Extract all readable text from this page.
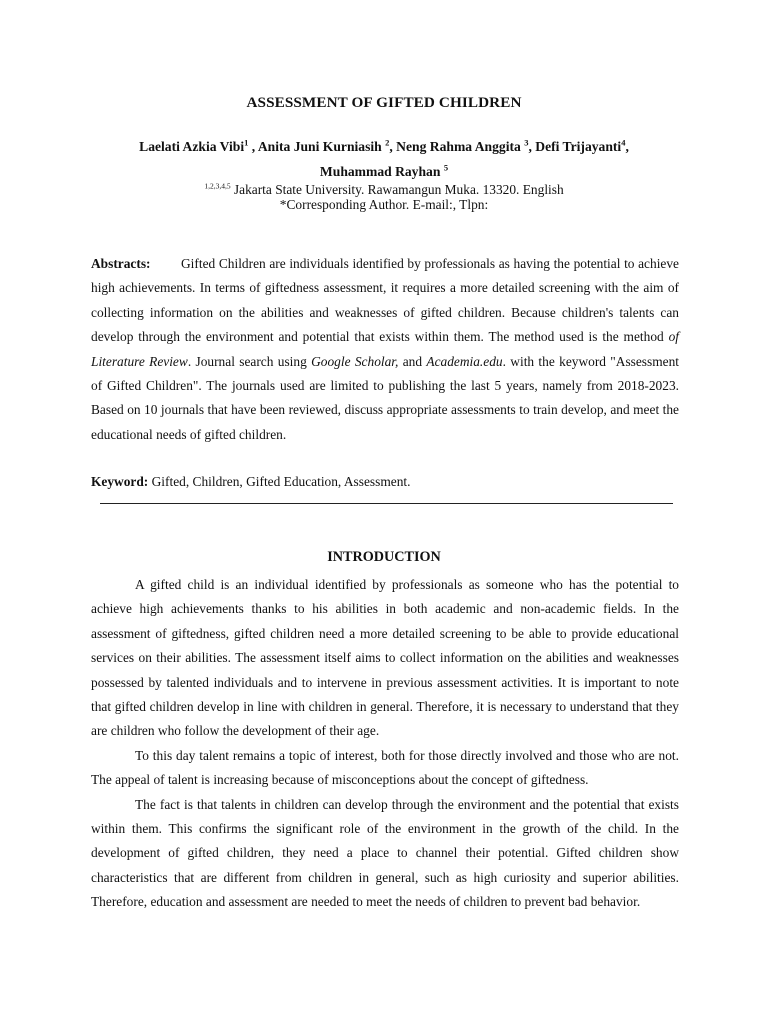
ASSESSMENT OF GIFTED CHILDREN
Laelati Azkia Vibi$^1$ , Anita Juni Kurniasih $^2$, Neng Rahma Anggita $^3$, Defi Trijayanti$^4$,
Muhammad Rayhan $^5$
$^{1,2,3,4,5}$ Jakarta State University. Rawamangun Muka. 13320. English
*Corresponding Author. E-mail:, Tlpn:
Abstracts: Gifted Children are individuals identified by professionals as having the potential to achieve high achievements. In terms of giftedness assessment, it requires a more detailed screening with the aim of collecting information on the abilities and weaknesses of gifted children. Because children's talents can develop through the environment and potential that exists within them. The method used is the method of Literature Review. Journal search using Google Scholar, and Academia.edu. with the keyword "Assessment of Gifted Children". The journals used are limited to publishing the last 5 years, namely from 2018-2023. Based on 10 journals that have been reviewed, discuss appropriate assessments to train develop, and meet the educational needs of gifted children.
Keyword: Gifted, Children, Gifted Education, Assessment.
INTRODUCTION

A gifted child is an individual identified by professionals as someone who has the potential to achieve high achievements thanks to his abilities in both academic and non-academic fields. In the assessment of giftedness, gifted children need a more detailed screening to be able to provide educational services on their abilities. The assessment itself aims to collect information on the abilities and weaknesses possessed by talented individuals and to intervene in previous assessment activities. It is important to note that gifted children develop in line with children in general. Therefore, it is necessary to understand that they are children who follow the development of their age.

To this day talent remains a topic of interest, both for those directly involved and those who are not. The appeal of talent is increasing because of misconceptions about the concept of giftedness.

The fact is that talents in children can develop through the environment and the potential that exists within them. This confirms the significant role of the environment in the growth of the child. In the development of gifted children, they need a place to channel their potential. Gifted children show characteristics that are different from children in general, such as high curiosity and superior abilities. Therefore, education and assessment are needed to meet the needs of children to prevent bad behavior.
